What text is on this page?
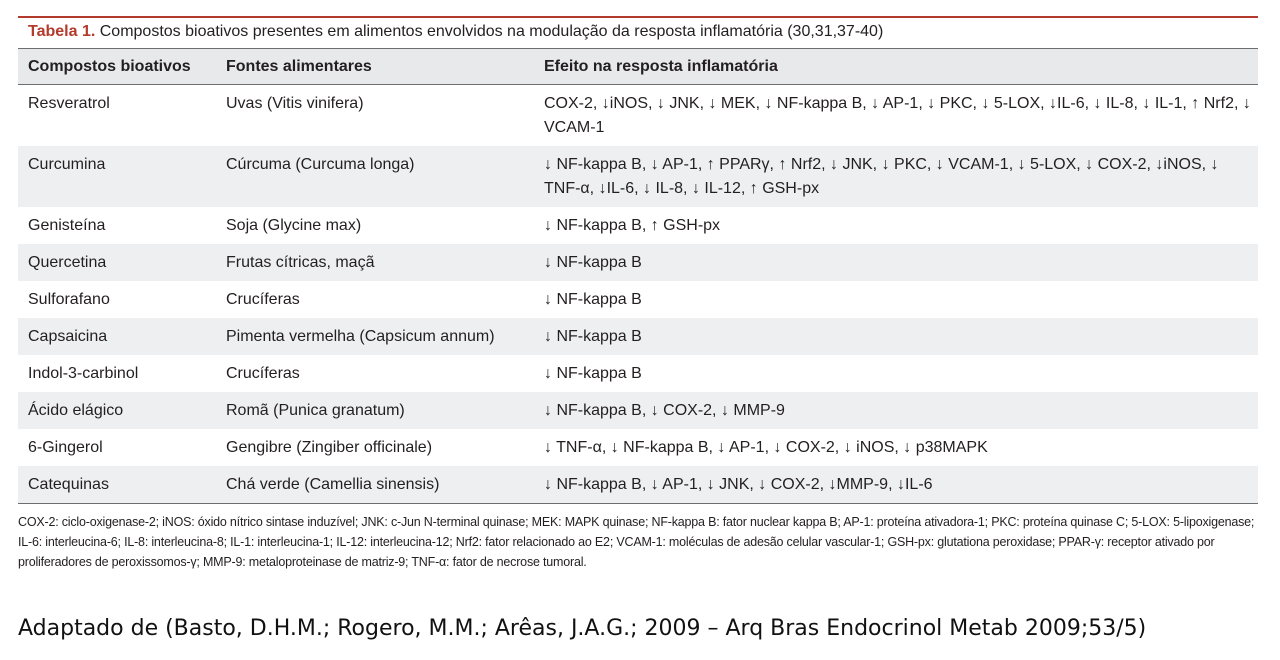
Tabela 1. Compostos bioativos presentes em alimentos envolvidos na modulação da resposta inflamatória (30,31,37-40)
Compostos bioativos	Fontes alimentares	Efeito na resposta inflamatória
Resveratrol	Uvas (Vitis vinifera)	COX-2, ↓iNOS, ↓ JNK, ↓ MEK, ↓ NF-kappa B, ↓ AP-1, ↓ PKC, ↓ 5-LOX, ↓IL-6, ↓ IL-8, ↓ IL-1, ↑ Nrf2, ↓ VCAM-1
Curcumina	Cúrcuma (Curcuma longa)	↓ NF-kappa B, ↓ AP-1, ↑ PPARγ, ↑ Nrf2, ↓ JNK, ↓ PKC, ↓ VCAM-1, ↓ 5-LOX, ↓ COX-2, ↓iNOS, ↓ TNF-α, ↓IL-6, ↓ IL-8, ↓ IL-12, ↑ GSH-px
Genisteína	Soja (Glycine max)	↓ NF-kappa B, ↑ GSH-px
Quercetina	Frutas cítricas, maçã	↓ NF-kappa B
Sulforafano	Crucíferas	↓ NF-kappa B
Capsaicina	Pimenta vermelha (Capsicum annum)	↓ NF-kappa B
Indol-3-carbinol	Crucíferas	↓ NF-kappa B
Ácido elágico	Romã (Punica granatum)	↓ NF-kappa B, ↓ COX-2, ↓ MMP-9
6-Gingerol	Gengibre (Zingiber officinale)	↓ TNF-α, ↓ NF-kappa B, ↓ AP-1, ↓ COX-2, ↓ iNOS, ↓ p38MAPK
Catequinas	Chá verde (Camellia sinensis)	↓ NF-kappa B, ↓ AP-1, ↓ JNK, ↓ COX-2, ↓MMP-9, ↓IL-6
COX-2: ciclo-oxigenase-2; iNOS: óxido nítrico sintase induzível; JNK: c-Jun N-terminal quinase; MEK: MAPK quinase; NF-kappa B: fator nuclear kappa B; AP-1: proteína ativadora-1; PKC: proteína quinase C; 5-LOX: 5-lipoxigenase; IL-6: interleucina-6; IL-8: interleucina-8; IL-1: interleucina-1; IL-12: interleucina-12; Nrf2: fator relacionado ao E2; VCAM-1: moléculas de adesão celular vascular-1; GSH-px: glutationa peroxidase; PPAR-γ: receptor ativado por proliferadores de peroxissomos-γ; MMP-9: metaloproteinase de matriz-9; TNF-α: fator de necrose tumoral.
Adaptado de (Basto, D.H.M.; Rogero, M.M.; Arêas, J.A.G.; 2009 – Arq Bras Endocrinol Metab 2009;53/5)
